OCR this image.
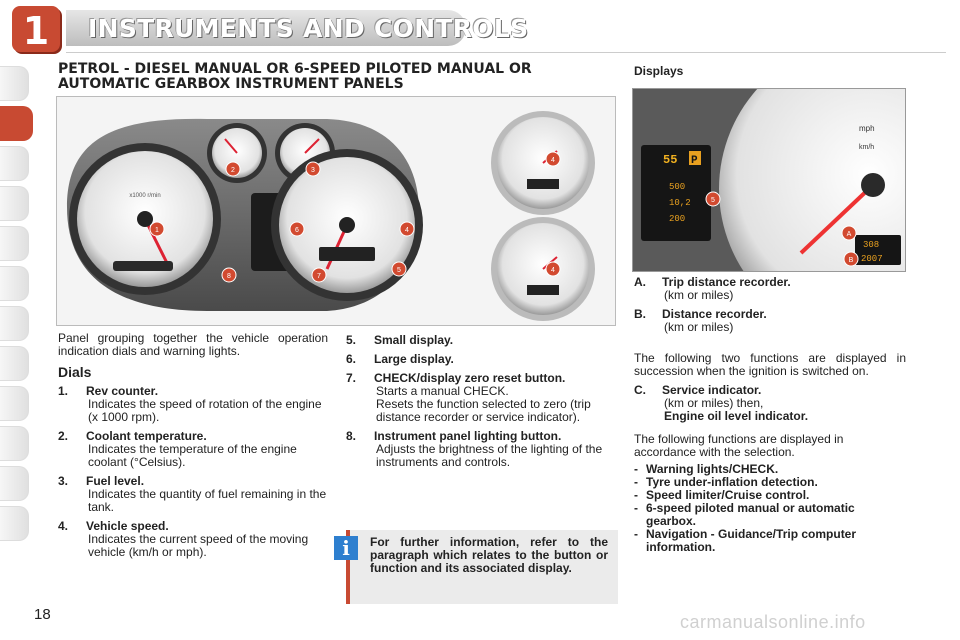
1	INSTRUMENTS AND CONTROLS
PETROL - DIESEL MANUAL OR 6-SPEED PILOTED MANUAL OR AUTOMATIC GEARBOX INSTRUMENT PANELS
Displays
x1000 r/min
1
2	3
6
7
8
4
5
4
4
mph
km/h
55 P
500
10,2
200
308
2007
5
A
B

Panel grouping together the vehicle operation indication dials and warning lights.

Dials
1.	Rev counter.

Indicates the speed of rotation of the engine (x 1000 rpm).

2.	Coolant temperature.

Indicates the temperature of the engine coolant (°Celsius).

3.	Fuel level.

Indicates the quantity of fuel remaining in the tank.

4.	Vehicle speed.

Indicates the current speed of the moving vehicle (km/h or mph).

5.	Small display.
6.	Large display.
7.	CHECK/display zero reset button.

Starts a manual CHECK.

Resets the function selected to zero (trip distance recorder or service indicator).

8.	Instrument panel lighting button.

Adjusts the brightness of the lighting of the instruments and controls.

i	For further information, refer to the paragraph which relates to the button or function and its associated display.
A.	Trip distance recorder.

(km or miles)

B.	Distance recorder.

(km or miles)

The following two functions are displayed in succession when the ignition is switched on.

C.	Service indicator.

(km or miles) then,

Engine oil level indicator.

The following functions are displayed in accordance with the selection.

- Warning lights/CHECK.
- Tyre under-inflation detection.
- Speed limiter/Cruise control.
- 6-speed piloted manual or automatic gearbox.
- Navigation - Guidance/Trip computer information.
18	carmanualsonline.info
